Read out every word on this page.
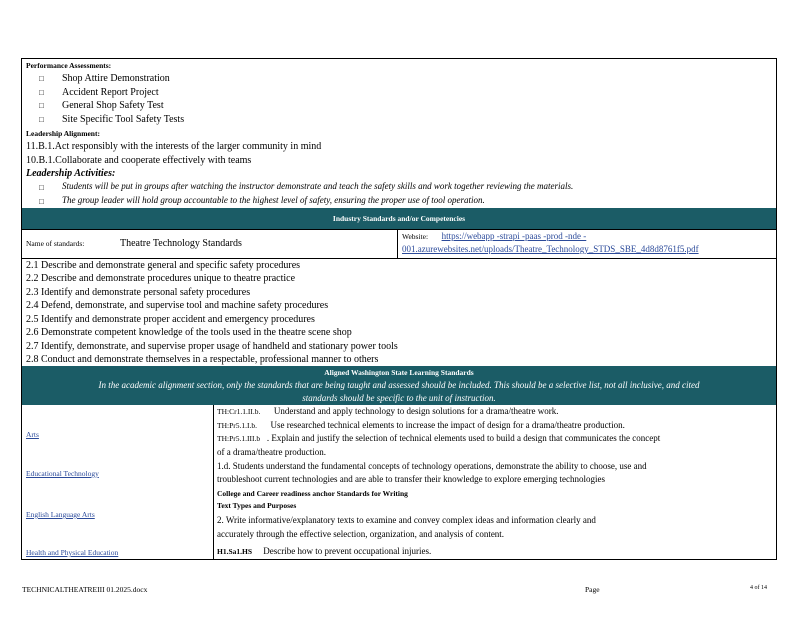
Performance Assessments:
□ Shop Attire Demonstration
□ Accident Report Project
□ General Shop Safety Test
□ Site Specific Tool Safety Tests
Leadership Alignment:
11.B.1.Act responsibly with the interests of the larger community in mind
10.B.1.Collaborate and cooperate effectively with teams
Leadership Activities:
□ Students will be put in groups after watching the instructor demonstrate and teach the safety skills and work together reviewing the materials.
□ The group leader will hold group accountable to the highest level of safety, ensuring the proper use of tool operation.
Industry Standards and/or Competencies
Name of standards:	Theatre Technology Standards
Website: https://webapp -strapi -paas -prod -nde -
001.azurewebsites.net/uploads/Theatre_Technology_STDS_SBE_4d8d8761f5.pdf
2.1 Describe and demonstrate general and specific safety procedures
2.2 Describe and demonstrate procedures unique to theatre practice
2.3 Identify and demonstrate personal safety procedures
2.4 Defend, demonstrate, and supervise tool and machine safety procedures
2.5 Identify and demonstrate proper accident and emergency procedures
2.6 Demonstrate competent knowledge of the tools used in the theatre scene shop
2.7 Identify, demonstrate, and supervise proper usage of handheld and stationary power tools
2.8 Conduct and demonstrate themselves in a respectable, professional manner to others
Aligned Washington State Learning Standards
In the academic alignment section, only the standards that are being taught and assessed should be included. This should be a selective list, not all inclusive, and cited
standards should be specific to the unit of instruction.
Arts
TH:Cr1.1.II.b. Understand and apply technology to design solutions for a drama/theatre work.
TH:Pr5.1.I.b. Use researched technical elements to increase the impact of design for a drama/theatre production.
TH:Pr5.1.III.b . Explain and justify the selection of technical elements used to build a design that communicates the concept
of a drama/theatre production.
Educational Technology
1.d. Students understand the fundamental concepts of technology operations, demonstrate the ability to choose, use and
troubleshoot current technologies and are able to transfer their knowledge to explore emerging technologies
English Language Arts
College and Career readiness anchor Standards for Writing
Text Types and Purposes
2. Write informative/explanatory texts to examine and convey complex ideas and information clearly and
accurately through the effective selection, organization, and analysis of content.
Health and Physical Education	H1.Sa1.HS Describe how to prevent occupational injuries.
TECHNICALTHEATREIII 01.2025.docx	Page	4 of 14
